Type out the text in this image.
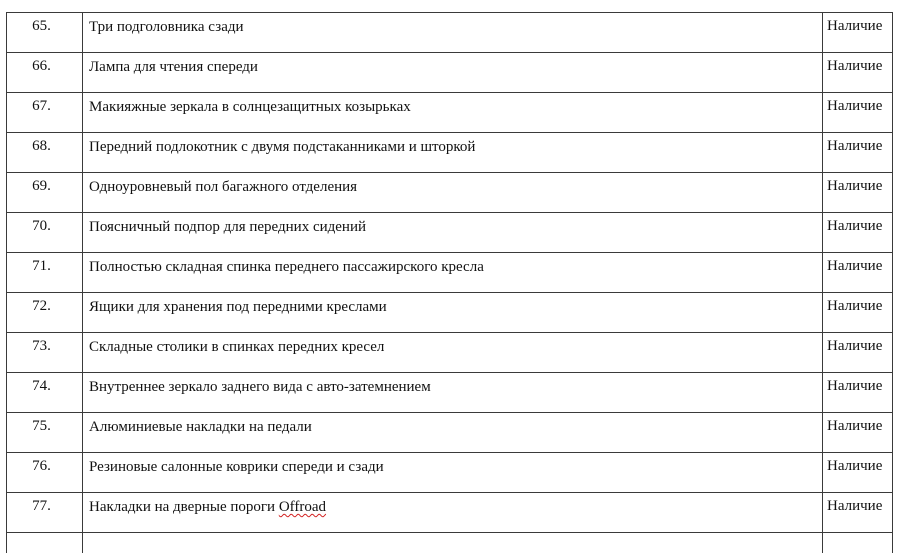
65.	Три подголовника сзади	Наличие
66.	Лампа для чтения спереди	Наличие
67.	Макияжные зеркала в солнцезащитных козырьках	Наличие
68.	Передний подлокотник с двумя подстаканниками и шторкой	Наличие
69.	Одноуровневый пол багажного отделения	Наличие
70.	Поясничный подпор для передних сидений	Наличие
71.	Полностью складная спинка переднего пассажирского кресла	Наличие
72.	Ящики для хранения под передними креслами	Наличие
73.	Складные столики в спинках передних кресел	Наличие
74.	Внутреннее зеркало заднего вида с авто-затемнением	Наличие
75.	Алюминиевые накладки на педали	Наличие
76.	Резиновые салонные коврики спереди и сзади	Наличие
77.	Накладки на дверные пороги Offroad	Наличие
